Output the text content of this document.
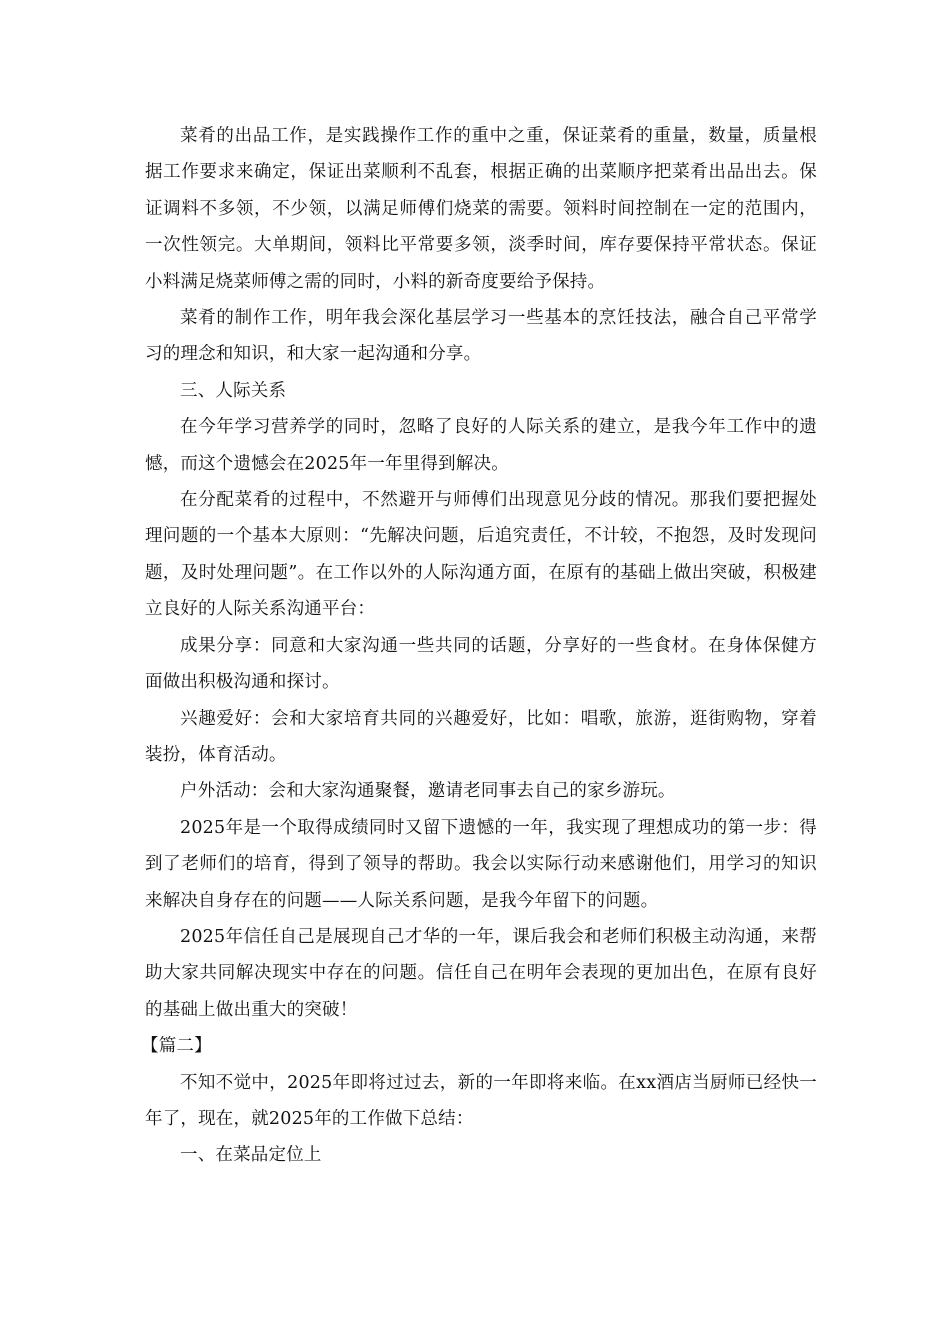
菜肴的出品工作，是实践操作工作的重中之重，保证菜肴的重量，数量，质量根据工作要求来确定，保证出菜顺利不乱套，根据正确的出菜顺序把菜肴出品出去。保证调料不多领，不少领，以满足师傅们烧菜的需要。领料时间控制在一定的范围内，一次性领完。大单期间，领料比平常要多领，淡季时间，库存要保持平常状态。保证小料满足烧菜师傅之需的同时，小料的新奇度要给予保持。

菜肴的制作工作，明年我会深化基层学习一些基本的烹饪技法，融合自己平常学习的理念和知识，和大家一起沟通和分享。

三、人际关系

在今年学习营养学的同时，忽略了良好的人际关系的建立，是我今年工作中的遗憾，而这个遗憾会在2025年一年里得到解决。

在分配菜肴的过程中，不然避开与师傅们出现意见分歧的情况。那我们要把握处理问题的一个基本大原则：“先解决问题，后追究责任，不计较，不抱怨，及时发现问题，及时处理问题”。在工作以外的人际沟通方面，在原有的基础上做出突破，积极建立良好的人际关系沟通平台：

成果分享：同意和大家沟通一些共同的话题，分享好的一些食材。在身体保健方面做出积极沟通和探讨。

兴趣爱好：会和大家培育共同的兴趣爱好，比如：唱歌，旅游，逛街购物，穿着装扮，体育活动。

户外活动：会和大家沟通聚餐，邀请老同事去自己的家乡游玩。

2025年是一个取得成绩同时又留下遗憾的一年，我实现了理想成功的第一步：得到了老师们的培育，得到了领导的帮助。我会以实际行动来感谢他们，用学习的知识来解决自身存在的问题——人际关系问题，是我今年留下的问题。

2025年信任自己是展现自己才华的一年，课后我会和老师们积极主动沟通，来帮助大家共同解决现实中存在的问题。信任自己在明年会表现的更加出色，在原有良好的基础上做出重大的突破！

【篇二】

不知不觉中，2025年即将过过去，新的一年即将来临。在xx酒店当厨师已经快一年了，现在，就2025年的工作做下总结：

一、在菜品定位上
